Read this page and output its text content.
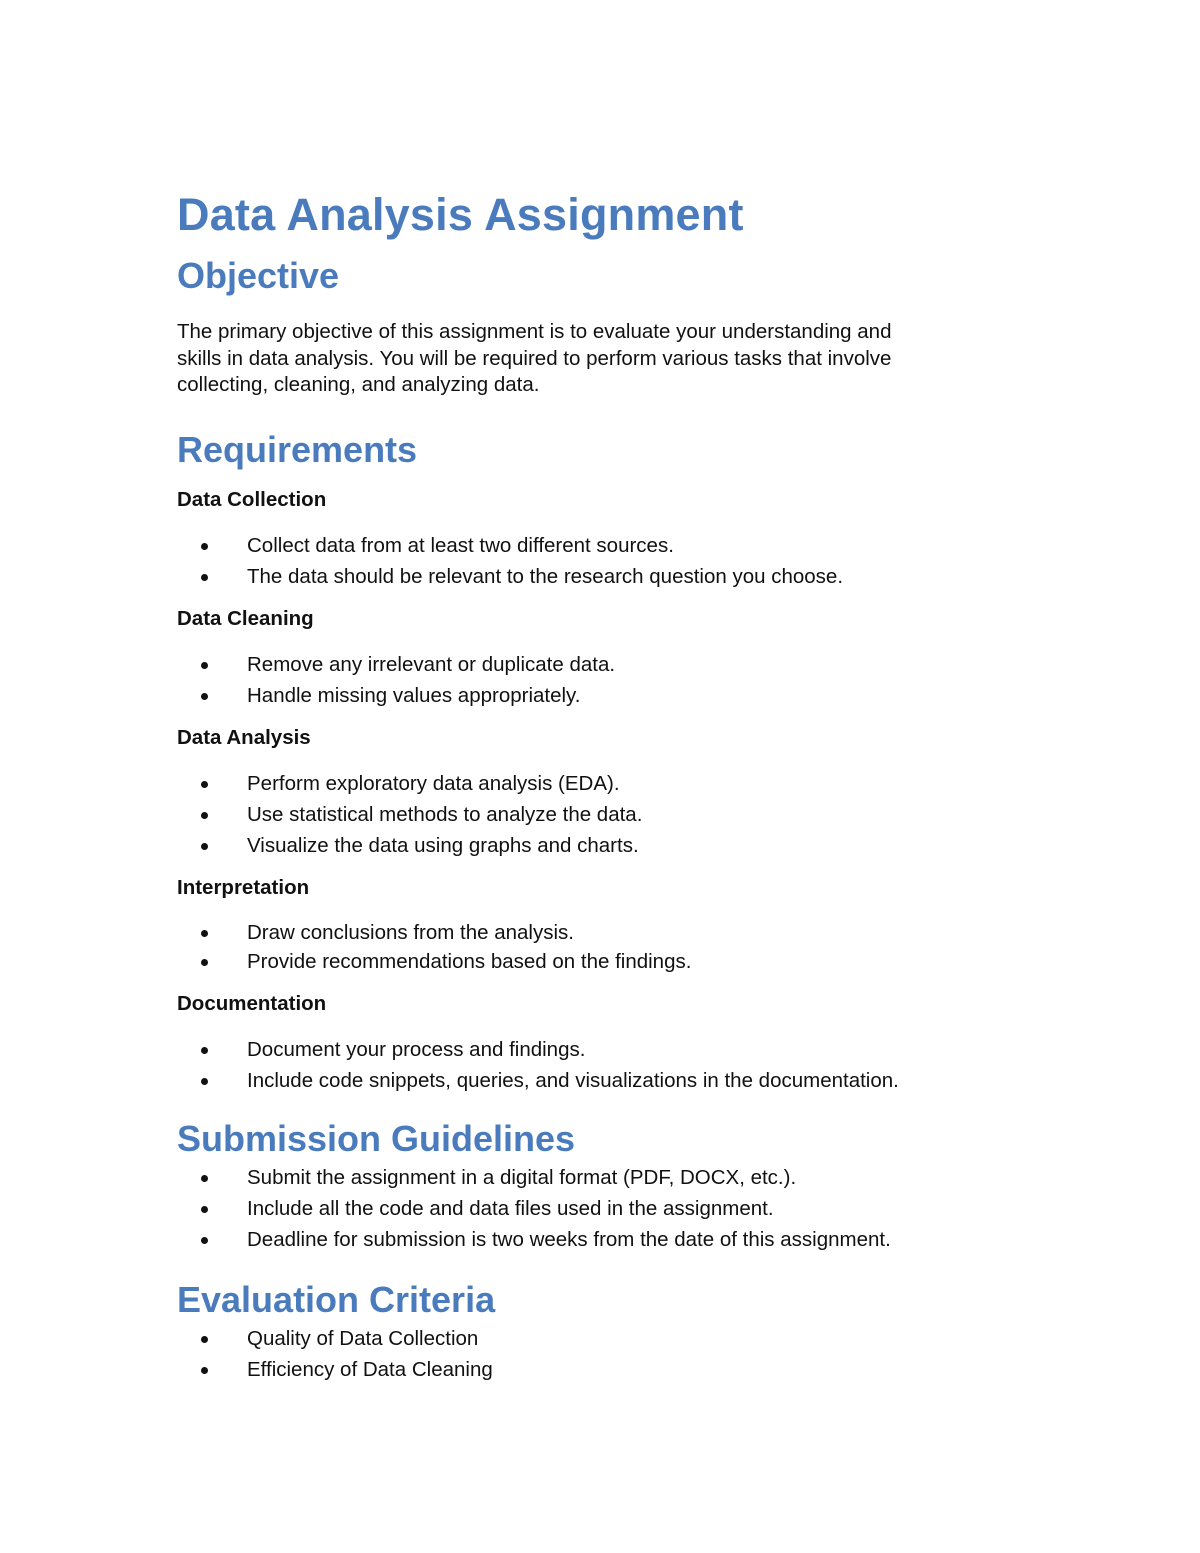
Data Analysis Assignment
Objective

The primary objective of this assignment is to evaluate your understanding and
skills in data analysis. You will be required to perform various tasks that involve
collecting, cleaning, and analyzing data.

Requirements
Data Collection
Collect data from at least two different sources.
The data should be relevant to the research question you choose.
Data Cleaning
Remove any irrelevant or duplicate data.
Handle missing values appropriately.
Data Analysis
Perform exploratory data analysis (EDA).
Use statistical methods to analyze the data.
Visualize the data using graphs and charts.
Interpretation
Draw conclusions from the analysis.
Provide recommendations based on the findings.
Documentation
Document your process and findings.
Include code snippets, queries, and visualizations in the documentation.
Submission Guidelines
Submit the assignment in a digital format (PDF, DOCX, etc.).
Include all the code and data files used in the assignment.
Deadline for submission is two weeks from the date of this assignment.
Evaluation Criteria
Quality of Data Collection
Efficiency of Data Cleaning
